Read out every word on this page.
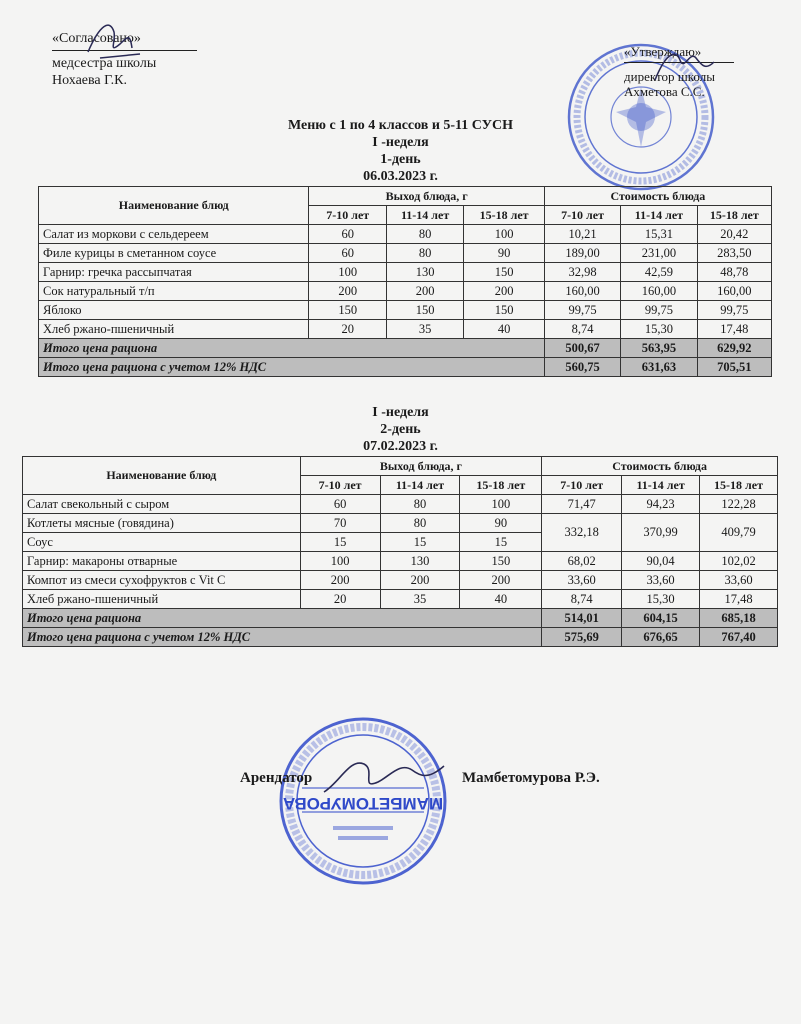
«Согласовано»
медсестра школы
Нохаева Г.К.
«Утверждаю»
директор школы
Ахметова С.С.
Меню с 1 по 4 классов и 5-11 СУСН
I -неделя
1-день
06.03.2023 г.
Наименование блюд	Выход блюда, г			Стоимость блюда		
	7-10 лет	11-14 лет	15-18 лет	7-10 лет	11-14 лет	15-18 лет
Салат из моркови с сельдереем	60	80	100	10,21	15,31	20,42
Филе курицы в сметанном соусе	60	80	90	189,00	231,00	283,50
Гарнир: гречка рассыпчатая	100	130	150	32,98	42,59	48,78
Сок натуральный т/п	200	200	200	160,00	160,00	160,00
Яблоко	150	150	150	99,75	99,75	99,75
Хлеб ржано-пшеничный	20	35	40	8,74	15,30	17,48
Итого цена рациона				500,67	563,95	629,92
Итого цена рациона с учетом 12% НДС				560,75	631,63	705,51
I -неделя
2-день
07.02.2023 г.
Наименование блюд	Выход блюда, г			Стоимость блюда		
	7-10 лет	11-14 лет	15-18 лет	7-10 лет	11-14 лет	15-18 лет
Салат свекольный с сыром	60	80	100	71,47	94,23	122,28
Котлеты мясные (говядина)	70	80	90	332,18	370,99	409,79
Соус	15	15	15			
Гарнир: макароны отварные	100	130	150	68,02	90,04	102,02
Компот из смеси сухофруктов с Vit C	200	200	200	33,60	33,60	33,60
Хлеб ржано-пшеничный	20	35	40	8,74	15,30	17,48
Итого цена рациона				514,01	604,15	685,18
Итого цена рациона с учетом 12% НДС				575,69	676,65	767,40
МАМБЕТОМУРОВА
Арендатор	Мамбетомурова Р.Э.
